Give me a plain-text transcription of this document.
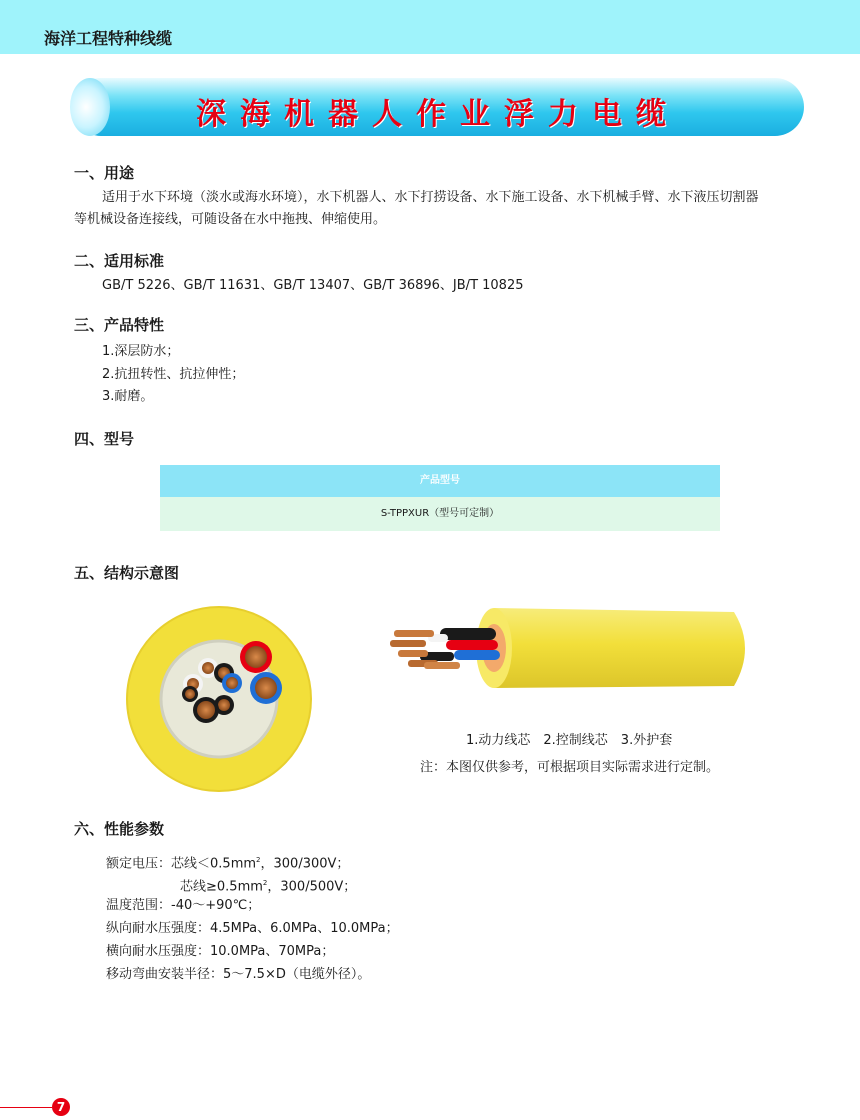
海洋工程特种线缆
深海机器人作业浮力电缆
一、用途
适用于水下环境（淡水或海水环境），水下机器人、水下打捞设备、水下施工设备、水下机械手臂、水下液压切割器
等机械设备连接线，可随设备在水中拖拽、伸缩使用。
二、适用标准
GB/T 5226、GB/T 11631、GB/T 13407、GB/T 36896、JB/T 10825
三、产品特性
1.深层防水；
2.抗扭转性、抗拉伸性；
3.耐磨。
四、型号
产品型号
S-TPPXUR（型号可定制）
五、结构示意图
1.动力线芯　2.控制线芯　3.外护套
注：本图仅供参考，可根据项目实际需求进行定制。
六、性能参数
额定电压：芯线$<0.5mm^2$，300/300V；
芯线$\ge 0.5mm^2$，300/500V；
温度范围：-40～+90℃；
纵向耐水压强度：4.5MPa、6.0MPa、10.0MPa；
横向耐水压强度：10.0MPa、70MPa；
移动弯曲安装半径：5～7.5×D（电缆外径）。
7
